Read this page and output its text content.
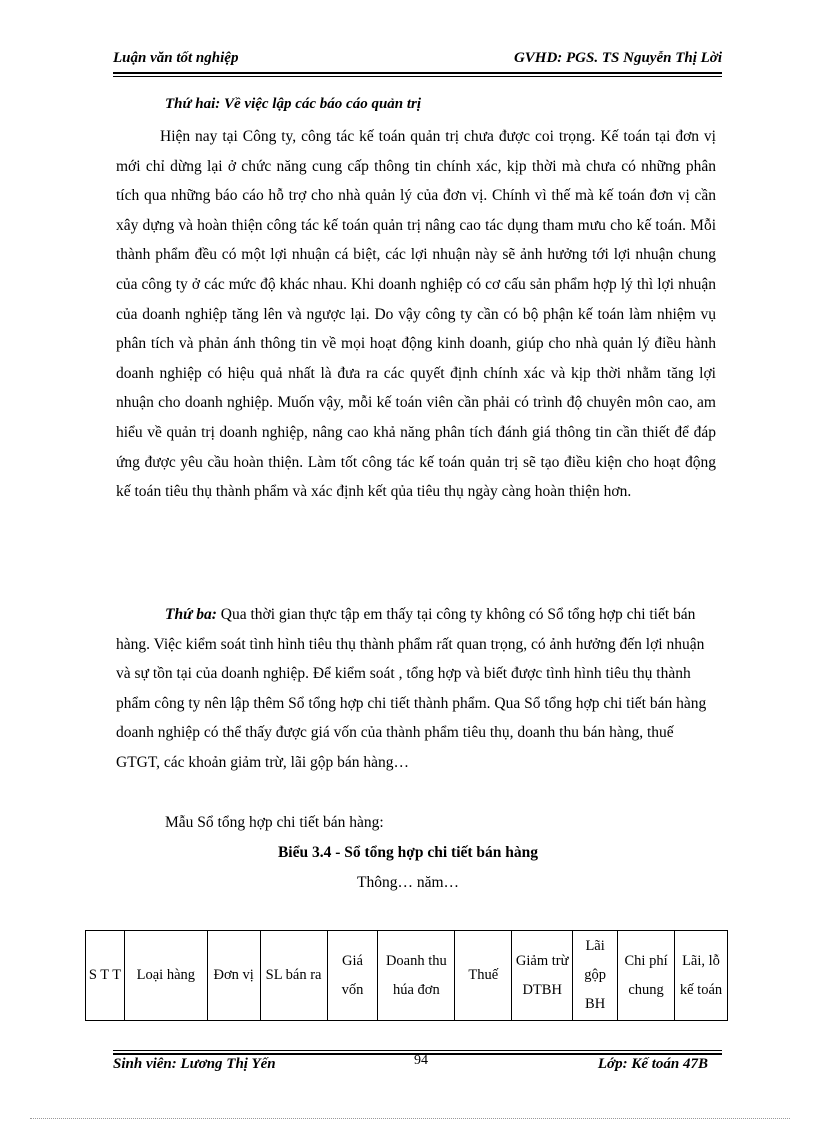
Luận văn tốt nghiệp	GVHD: PGS. TS Nguyễn Thị Lời
Thứ hai: Về việc lập các báo cáo quản trị
Hiện nay tại Công ty, công tác kế toán quản trị chưa được coi trọng. Kế toán tại đơn vị mới chỉ dừng lại ở chức năng cung cấp thông tin chính xác, kịp thời mà chưa có những phân tích qua những báo cáo hỗ trợ cho nhà quản lý của đơn vị. Chính vì thế mà kế toán đơn vị cần xây dựng và hoàn thiện công tác kế toán quản trị nâng cao tác dụng tham mưu cho kế toán. Mỗi thành phẩm đều có một lợi nhuận cá biệt, các lợi nhuận này sẽ ảnh hưởng tới lợi nhuận chung của công ty ở các mức độ khác nhau. Khi doanh nghiệp có cơ cấu sản phẩm hợp lý thì lợi nhuận của doanh nghiệp tăng lên và ngược lại. Do vậy công ty cần có bộ phận kế toán làm nhiệm vụ phân tích và phản ánh thông tin về mọi hoạt động kinh doanh, giúp cho nhà quản lý điều hành doanh nghiệp có hiệu quả nhất là đưa ra các quyết định chính xác và kịp thời nhằm tăng lợi nhuận cho doanh nghiệp. Muốn vậy, mỗi kế toán viên cần phải có trình độ chuyên môn cao, am hiểu về quản trị doanh nghiệp, nâng cao khả năng phân tích đánh giá thông tin cần thiết để đáp ứng được yêu cầu hoàn thiện. Làm tốt công tác kế toán quản trị sẽ tạo điều kiện cho hoạt động kế toán tiêu thụ thành phẩm và xác định kết qủa tiêu thụ ngày càng hoàn thiện hơn.
Thứ ba: Qua thời gian thực tập em thấy tại công ty không có Sổ tổng hợp chi tiết bán hàng. Việc kiểm soát tình hình tiêu thụ thành phẩm rất quan trọng, có ảnh hưởng đến lợi nhuận và sự tồn tại của doanh nghiệp. Để kiểm soát , tổng hợp và biết được tình hình tiêu thụ thành phẩm công ty nên lập thêm Sổ tổng hợp chi tiết thành phẩm. Qua Sổ tổng hợp chi tiết bán hàng doanh nghiệp có thể thấy được giá vốn của thành phẩm tiêu thụ, doanh thu bán hàng, thuế GTGT, các khoản giảm trừ, lãi gộp bán hàng…
Mẫu Sổ tổng hợp chi tiết bán hàng:
Biểu 3.4 - Sổ tổng hợp chi tiết bán hàng
Thông… năm…
S T T	Loại hàng	Đơn vị	SL bán ra	Giá vốn	Doanh thu húa đơn	Thuế	Giảm trừ DTBH	Lãi gộp BH	Chi phí chung	Lãi, lỗ kế toán
Sinh viên: Lương Thị Yến	94	Lớp: Kế toán 47B
